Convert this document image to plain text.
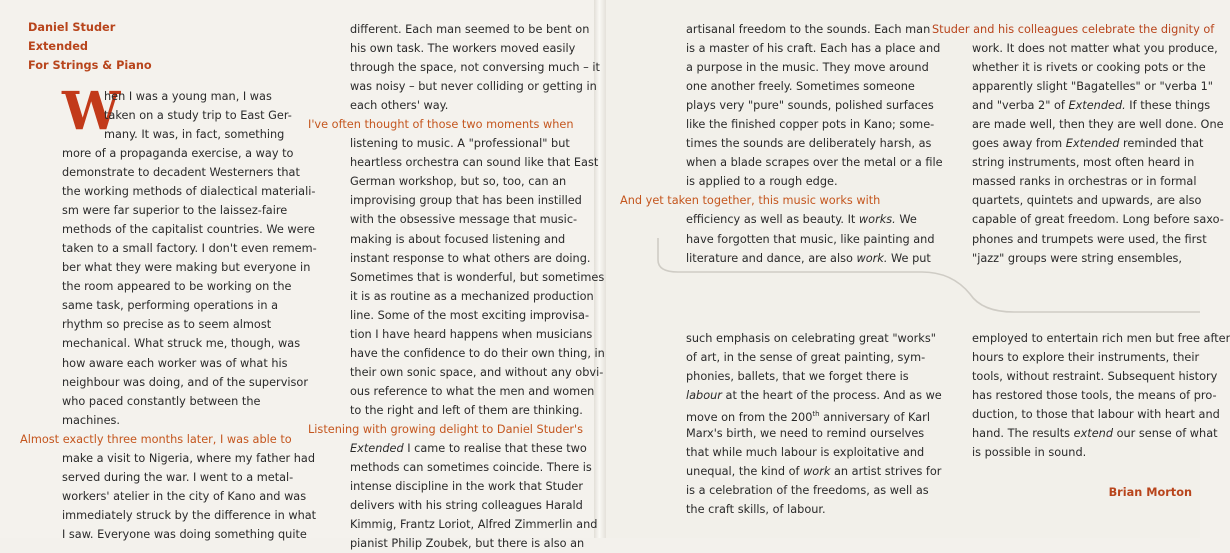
Daniel Studer
Extended
For Strings & Piano
W
hen I was a young man, I was
taken on a study trip to East Ger-
many. It was, in fact, something
more of a propaganda exercise, a way to
demonstrate to decadent Westerners that
the working methods of dialectical materiali-
sm were far superior to the laissez-faire
methods of the capitalist countries. We were
taken to a small factory. I don't even remem-
ber what they were making but everyone in
the room appeared to be working on the
same task, performing operations in a
rhythm so precise as to seem almost
mechanical. What struck me, though, was
how aware each worker was of what his
neighbour was doing, and of the supervisor
who paced constantly between the
machines.
Almost exactly three months later, I was able to
make a visit to Nigeria, where my father had
served during the war. I went to a metal-
workers' atelier in the city of Kano and was
immediately struck by the difference in what
I saw. Everyone was doing something quite
different. Each man seemed to be bent on
his own task. The workers moved easily
through the space, not conversing much – it
was noisy – but never colliding or getting in
each others' way.
I've often thought of those two moments when
listening to music. A "professional" but
heartless orchestra can sound like that East
German workshop, but so, too, can an
improvising group that has been instilled
with the obsessive message that music-
making is about focused listening and
instant response to what others are doing.
Sometimes that is wonderful, but sometimes
it is as routine as a mechanized production
line. Some of the most exciting improvisa-
tion I have heard happens when musicians
have the confidence to do their own thing, in
their own sonic space, and without any obvi-
ous reference to what the men and women
to the right and left of them are thinking.
Listening with growing delight to Daniel Studer's
Extended I came to realise that these two
methods can sometimes coincide. There is
intense discipline in the work that Studer
delivers with his string colleagues Harald
Kimmig, Frantz Loriot, Alfred Zimmerlin and
pianist Philip Zoubek, but there is also an
artisanal freedom to the sounds. Each man
is a master of his craft. Each has a place and
a purpose in the music. They move around
one another freely. Sometimes someone
plays very "pure" sounds, polished surfaces
like the finished copper pots in Kano; some-
times the sounds are deliberately harsh, as
when a blade scrapes over the metal or a file
is applied to a rough edge.
And yet taken together, this music works with
efficiency as well as beauty. It works. We
have forgotten that music, like painting and
literature and dance, are also work. We put
such emphasis on celebrating great "works"
of art, in the sense of great painting, sym-
phonies, ballets, that we forget there is
labour at the heart of the process. And as we
move on from the 200th anniversary of Karl
Marx's birth, we need to remind ourselves
that while much labour is exploitative and
unequal, the kind of work an artist strives for
is a celebration of the freedoms, as well as
the craft skills, of labour.
Studer and his colleagues celebrate the dignity of
work. It does not matter what you produce,
whether it is rivets or cooking pots or the
apparently slight "Bagatelles" or "verba 1"
and "verba 2" of Extended. If these things
are made well, then they are well done. One
goes away from Extended reminded that
string instruments, most often heard in
massed ranks in orchestras or in formal
quartets, quintets and upwards, are also
capable of great freedom. Long before saxo-
phones and trumpets were used, the first
"jazz" groups were string ensembles,
employed to entertain rich men but free after
hours to explore their instruments, their
tools, without restraint. Subsequent history
has restored those tools, the means of pro-
duction, to those that labour with heart and
hand. The results extend our sense of what
is possible in sound.
Brian Morton
